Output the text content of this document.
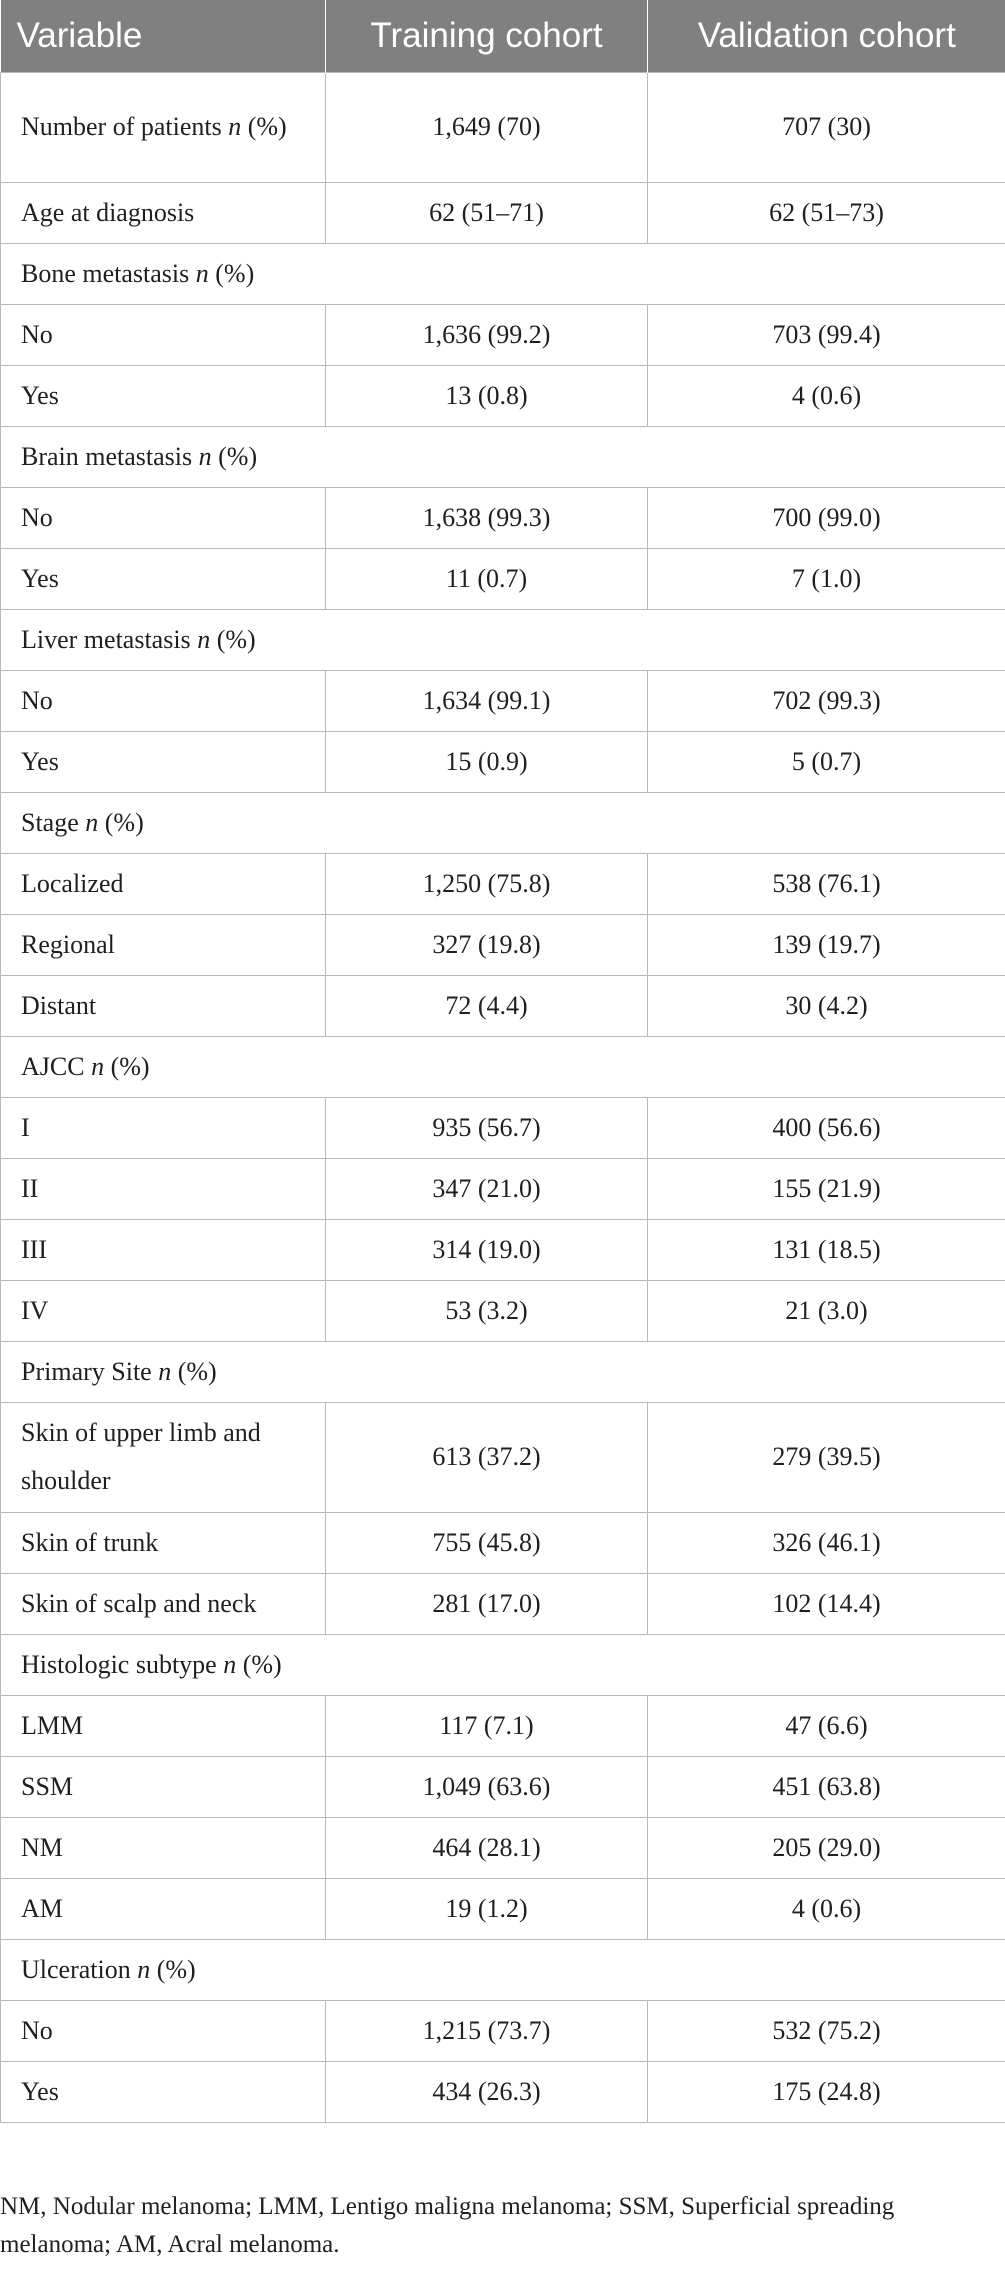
Variable	Training cohort	Validation cohort
Number of patients n (%)	1,649 (70)	707 (30)
Age at diagnosis	62 (51–71)	62 (51–73)
Bone metastasis n (%)		
No	1,636 (99.2)	703 (99.4)
Yes	13 (0.8)	4 (0.6)
Brain metastasis n (%)		
No	1,638 (99.3)	700 (99.0)
Yes	11 (0.7)	7 (1.0)
Liver metastasis n (%)		
No	1,634 (99.1)	702 (99.3)
Yes	15 (0.9)	5 (0.7)
Stage n (%)		
Localized	1,250 (75.8)	538 (76.1)
Regional	327 (19.8)	139 (19.7)
Distant	72 (4.4)	30 (4.2)
AJCC n (%)		
I	935 (56.7)	400 (56.6)
II	347 (21.0)	155 (21.9)
III	314 (19.0)	131 (18.5)
IV	53 (3.2)	21 (3.0)
Primary Site n (%)		
Skin of upper limb and shoulder	613 (37.2)	279 (39.5)
Skin of trunk	755 (45.8)	326 (46.1)
Skin of scalp and neck	281 (17.0)	102 (14.4)
Histologic subtype n (%)		
LMM	117 (7.1)	47 (6.6)
SSM	1,049 (63.6)	451 (63.8)
NM	464 (28.1)	205 (29.0)
AM	19 (1.2)	4 (0.6)
Ulceration n (%)		
No	1,215 (73.7)	532 (75.2)
Yes	434 (26.3)	175 (24.8)
NM, Nodular melanoma; LMM, Lentigo maligna melanoma; SSM, Superficial spreading melanoma; AM, Acral melanoma.
